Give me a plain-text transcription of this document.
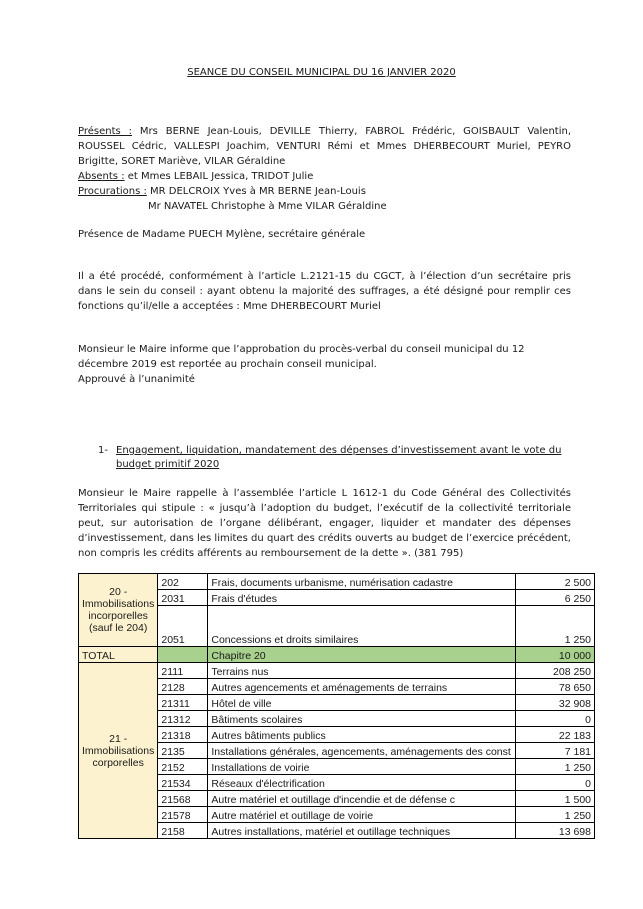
SEANCE DU CONSEIL MUNICIPAL DU 16 JANVIER 2020
Présents : Mrs BERNE Jean-Louis, DEVILLE Thierry, FABROL Frédéric, GOISBAULT Valentin, ROUSSEL Cédric, VALLESPI Joachim, VENTURI Rémi et Mmes DHERBECOURT Muriel, PEYRO Brigitte, SORET Mariève, VILAR Géraldine
Absents : et Mmes LEBAIL Jessica, TRIDOT Julie
Procurations : MR DELCROIX Yves à MR BERNE Jean-Louis
Mr NAVATEL Christophe à Mme VILAR Géraldine
Présence de Madame PUECH Mylène, secrétaire générale
Il a été procédé, conformément à l’article L.2121-15 du CGCT, à l’élection d’un secrétaire pris dans le sein du conseil : ayant obtenu la majorité des suffrages, a été désigné pour remplir ces fonctions qu’il/elle a acceptées : Mme DHERBECOURT Muriel
Monsieur le Maire informe que l’approbation du procès-verbal du conseil municipal du 12 décembre 2019 est reportée au prochain conseil municipal.
Approuvé à l’unanimité
1- Engagement, liquidation, mandatement des dépenses d’investissement avant le vote du budget primitif 2020
Monsieur le Maire rappelle à l’assemblée l’article L 1612-1 du Code Général des Collectivités Territoriales qui stipule : « jusqu’à l’adoption du budget, l’exécutif de la collectivité territoriale peut, sur autorisation de l’organe délibérant, engager, liquider et mandater des dépenses d’investissement, dans les limites du quart des crédits ouverts au budget de l’exercice précédent, non compris les crédits afférents au remboursement de la dette ». (381 795)
20 - Immobilisations incorporelles (sauf le 204)	202	Frais, documents urbanisme, numérisation cadastre	2 500
	2031	Frais d'études	6 250
	2051	Concessions et droits similaires	1 250
TOTAL		Chapitre 20	10 000
21 - Immobilisations corporelles	2111	Terrains nus	208 250
	2128	Autres agencements et aménagements de terrains	78 650
	21311	Hôtel de ville	32 908
	21312	Bâtiments scolaires	0
	21318	Autres bâtiments publics	22 183
	2135	Installations générales, agencements, aménagements des const	7 181
	2152	Installations de voirie	1 250
	21534	Réseaux d'électrification	0
	21568	Autre matériel et outillage d'incendie et de défense c	1 500
	21578	Autre matériel et outillage de voirie	1 250
	2158	Autres installations, matériel et outillage techniques	13 698
